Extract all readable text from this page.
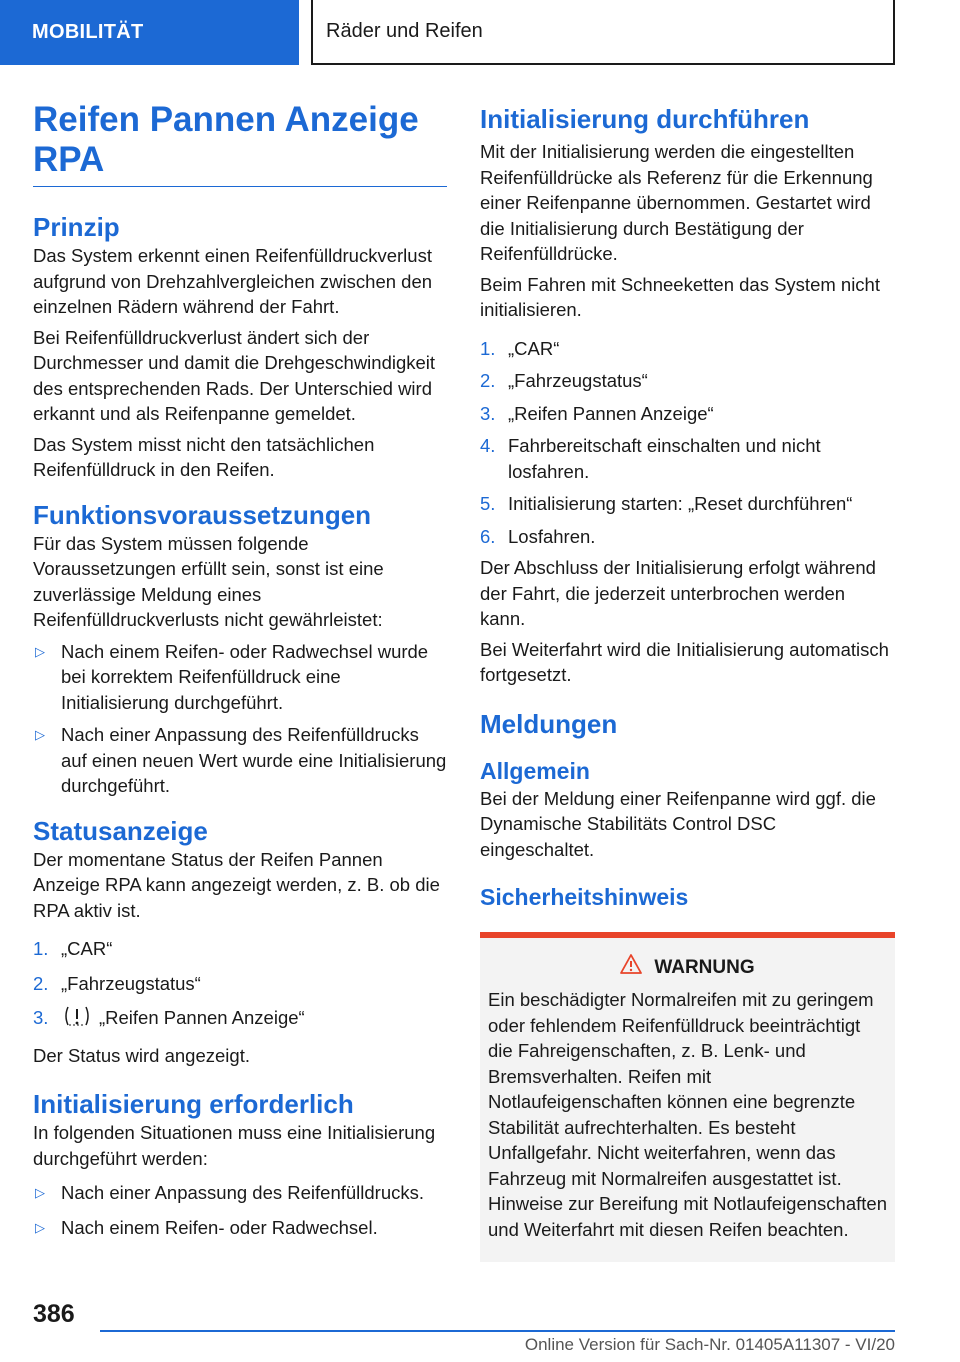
MOBILITÄT	Räder und Reifen
Reifen Pannen Anzeige RPA
Prinzip

Das System erkennt einen Reifenfülldruckverlust aufgrund von Drehzahlvergleichen zwischen den einzelnen Rädern während der Fahrt.

Bei Reifenfülldruckverlust ändert sich der Durchmesser und damit die Drehgeschwindigkeit des entsprechenden Rads. Der Unterschied wird erkannt und als Reifenpanne gemeldet.

Das System misst nicht den tatsächlichen Reifenfülldruck in den Reifen.

Funktionsvoraussetzungen

Für das System müssen folgende Voraussetzungen erfüllt sein, sonst ist eine zuverlässige Meldung eines Reifenfülldruckverlusts nicht gewährleistet:

▷ Nach einem Reifen- oder Radwechsel wurde bei korrektem Reifenfülldruck eine Initialisierung durchgeführt.
▷ Nach einer Anpassung des Reifenfülldrucks auf einen neuen Wert wurde eine Initialisierung durchgeführt.
Statusanzeige

Der momentane Status der Reifen Pannen Anzeige RPA kann angezeigt werden, z. B. ob die RPA aktiv ist.

1. „CAR“
2. „Fahrzeugstatus“
3.	„Reifen Pannen Anzeige“

Der Status wird angezeigt.

Initialisierung erforderlich

In folgenden Situationen muss eine Initialisierung durchgeführt werden:

▷ Nach einer Anpassung des Reifenfülldrucks.
▷ Nach einem Reifen- oder Radwechsel.
Initialisierung durchführen

Mit der Initialisierung werden die eingestellten Reifenfülldrücke als Referenz für die Erkennung einer Reifenpanne übernommen. Gestartet wird die Initialisierung durch Bestätigung der Reifenfülldrücke.

Beim Fahren mit Schneeketten das System nicht initialisieren.

1. „CAR“
2. „Fahrzeugstatus“
3. „Reifen Pannen Anzeige“
4. Fahrbereitschaft einschalten und nicht losfahren.
5. Initialisierung starten: „Reset durchführen“
6. Losfahren.

Der Abschluss der Initialisierung erfolgt während der Fahrt, die jederzeit unterbrochen werden kann.

Bei Weiterfahrt wird die Initialisierung automatisch fortgesetzt.

Meldungen
Allgemein

Bei der Meldung einer Reifenpanne wird ggf. die Dynamische Stabilitäts Control DSC eingeschaltet.

Sicherheitshinweis
WARNUNG
Ein beschädigter Normalreifen mit zu geringem oder fehlendem Reifenfülldruck beeinträchtigt die Fahreigenschaften, z. B. Lenk- und Bremsverhalten. Reifen mit Notlaufeigenschaften können eine begrenzte Stabilität aufrechterhalten. Es besteht Unfallgefahr. Nicht weiterfahren, wenn das Fahrzeug mit Normalreifen ausgestattet ist. Hinweise zur Bereifung mit Notlaufeigenschaften und Weiterfahrt mit diesen Reifen beachten.
386
Online Version für Sach-Nr. 01405A11307 - VI/20
